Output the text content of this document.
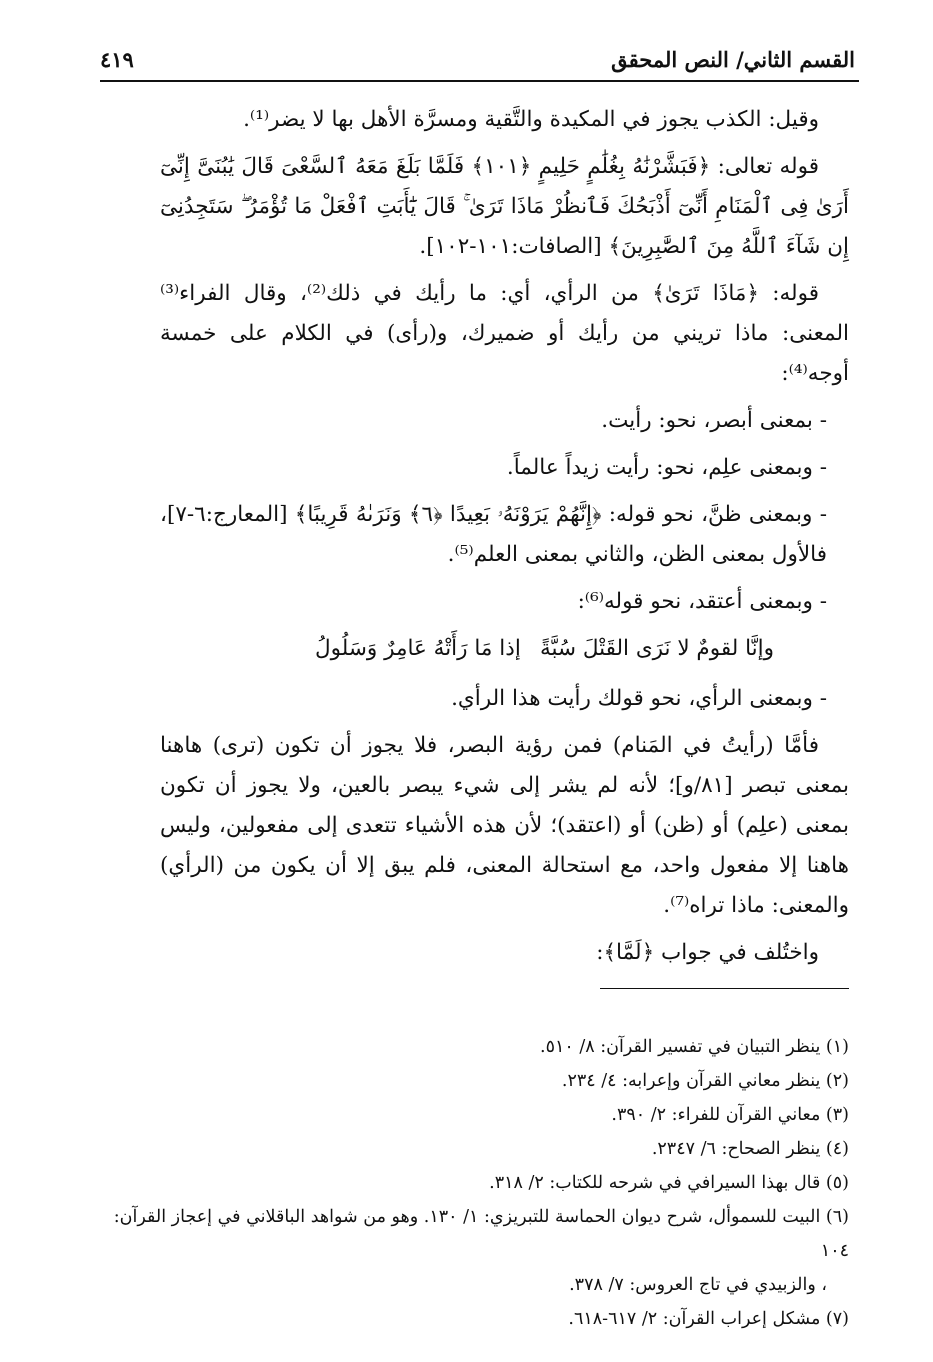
القسم الثاني/ النص المحقق
٤١٩

وقيل: الكذب يجوز في المكيدة والتَّقية ومسرَّة الأهل بها لا يضر⁽¹⁾.

قوله تعالى: ﴿فَبَشَّرْنَٰهُ بِغُلَٰمٍ حَلِيمٍ ﴿١٠١﴾ فَلَمَّا بَلَغَ مَعَهُ ٱلسَّعْىَ قَالَ يَٰبُنَىَّ إِنِّىٓ أَرَىٰ فِى ٱلْمَنَامِ أَنِّىٓ أَذْبَحُكَ فَٱنظُرْ مَاذَا تَرَىٰ ۚ قَالَ يَٰٓأَبَتِ ٱفْعَلْ مَا تُؤْمَرُ ۖ سَتَجِدُنِىٓ إِن شَآءَ ٱللَّهُ مِنَ ٱلصَّٰبِرِينَ﴾ [الصافات:١٠١-١٠٢].

قوله: ﴿مَاذَا تَرَىٰ﴾ من الرأي، أي: ما رأيك في ذلك⁽²⁾، وقال الفراء⁽³⁾ المعنى: ماذا تريني من رأيك أو ضميرك، و(رأى) في الكلام على خمسة أوجه⁽⁴⁾:

- بمعنى أبصر، نحو: رأيت.

- وبمعنى علِم، نحو: رأيت زيداً عالماً.

- وبمعنى ظنَّ، نحو قوله: ﴿إِنَّهُمْ يَرَوْنَهُۥ بَعِيدًا ﴿٦﴾ وَنَرَىٰهُ قَرِيبًا﴾ [المعارج:٦-٧]، فالأول بمعنى الظن، والثاني بمعنى العلم⁽⁵⁾.

- وبمعنى أعتقد، نحو قوله⁽⁶⁾:

وإنَّا لقومٌ لا نَرَى القَتْلَ سُبَّةً
إذا مَا رَأَتْهُ عَامِرٌ وَسَلُولُ

- وبمعنى الرأي، نحو قولك رأيت هذا الرأي.

فأمَّا (رأيتُ في المَنام) فمن رؤية البصر، فلا يجوز أن تكون (ترى) هاهنا بمعنى تبصر [٨١/و]؛ لأنه لم يشر إلى شيء يبصر بالعين، ولا يجوز أن تكون بمعنى (علِم) أو (ظن) أو (اعتقد)؛ لأن هذه الأشياء تتعدى إلى مفعولين، وليس هاهنا إلا مفعول واحد، مع استحالة المعنى، فلم يبق إلا أن يكون من (الرأي) والمعنى: ماذا تراه⁽⁷⁾.

واختُلف في جواب ﴿لَمَّا﴾:

(١) ينظر التبيان في تفسير القرآن: ٨/ ٥١٠.
(٢) ينظر معاني القرآن وإعرابه: ٤/ ٢٣٤.
(٣) معاني القرآن للفراء: ٢/ ٣٩٠.
(٤) ينظر الصحاح: ٦/ ٢٣٤٧.
(٥) قال بهذا السيرافي في شرحه للكتاب: ٢/ ٣١٨.
(٦) البيت للسموأل، شرح ديوان الحماسة للتبريزي: ١/ ١٣٠. وهو من شواهد الباقلاني في إعجاز القرآن: ١٠٤
، والزبيدي في تاج العروس: ٧/ ٣٧٨.
(٧) مشكل إعراب القرآن: ٢/ ٦١٧-٦١٨.
